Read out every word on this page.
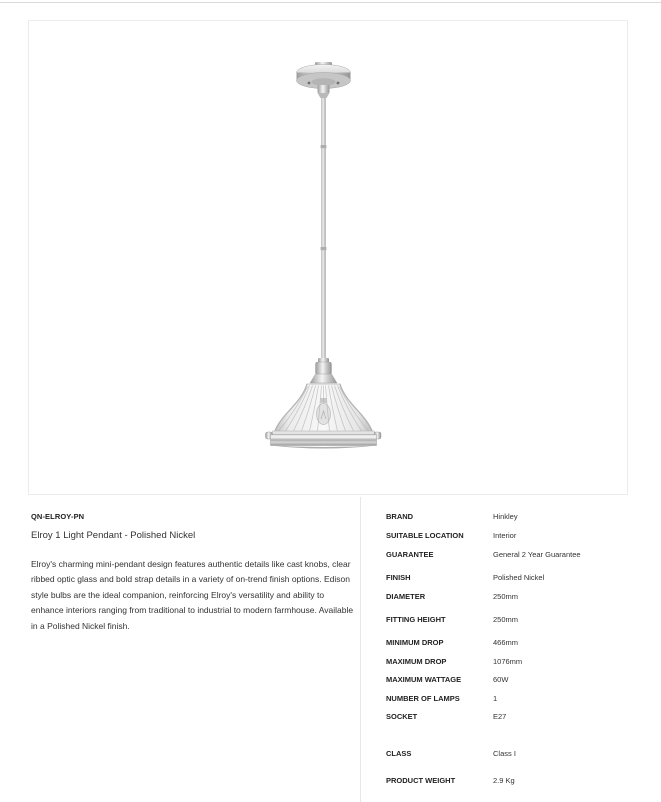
QN-ELROY-PN
Elroy 1 Light Pendant - Polished Nickel

Elroy's charming mini-pendant design features authentic details like cast knobs, clear ribbed optic glass and bold strap details in a variety of on-trend finish options. Edison style bulbs are the ideal companion, reinforcing Elroy's versatility and ability to enhance interiors ranging from traditional to industrial to modern farmhouse. Available in a Polished Nickel finish.

BRAND	Hinkley
SUITABLE LOCATION	Interior
GUARANTEE	General 2 Year Guarantee
FINISH	Polished Nickel
DIAMETER	250mm
FITTING HEIGHT	250mm
MINIMUM DROP	466mm
MAXIMUM DROP	1076mm
MAXIMUM WATTAGE	60W
NUMBER OF LAMPS	1
SOCKET	E27
CLASS	Class I
PRODUCT WEIGHT	2.9 Kg
